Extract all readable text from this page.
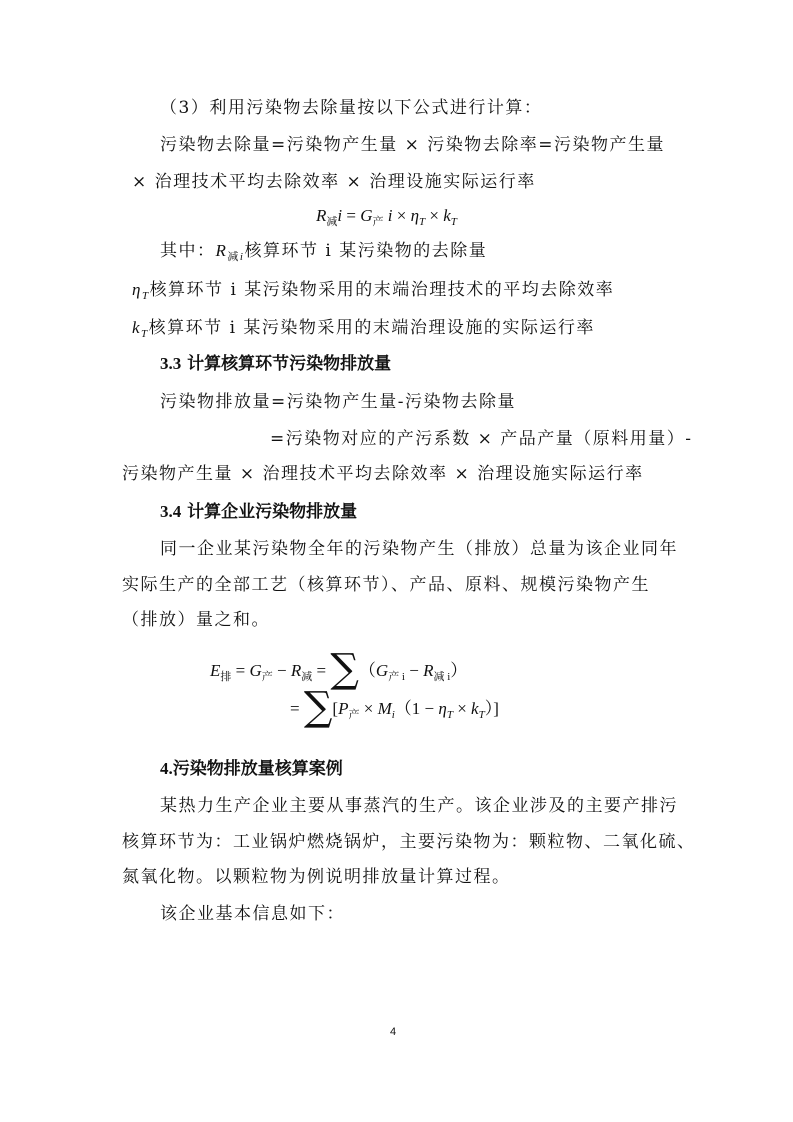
（3）利用污染物去除量按以下公式进行计算：
污染物去除量=污染物产生量 × 污染物去除率=污染物产生量
× 治理技术平均去除效率 × 治理设施实际运行率
$R_减i = G_产$ $i \times \eta_T \times k_T$
其中：$R_{减i}$核算环节 i 某污染物的去除量
$\eta_T$核算环节 i 某污染物采用的末端治理技术的平均去除效率
$k_T$核算环节 i 某污染物采用的末端治理设施的实际运行率
3.3 计算核算环节污染物排放量
污染物排放量=污染物产生量-污染物去除量
=污染物对应的产污系数 × 产品产量（原料用量）-
污染物产生量 × 治理技术平均去除效率 × 治理设施实际运行率
3.4 计算企业污染物排放量
同一企业某污染物全年的污染物产生（排放）总量为该企业同年
实际生产的全部工艺（核算环节）、产品、原料、规模污染物产生
（排放）量之和。
$E_排 = G_产 - R_减 = \sum(G_{产 i} - R_{减 i})$
= $\sum[P_产 \times M_i(1 - \eta_T \times k_T)]$
4.污染物排放量核算案例
某热力生产企业主要从事蒸汽的生产。该企业涉及的主要产排污
核算环节为：工业锅炉燃烧锅炉，主要污染物为：颗粒物、二氧化硫、
氮氧化物。以颗粒物为例说明排放量计算过程。
该企业基本信息如下：
4
